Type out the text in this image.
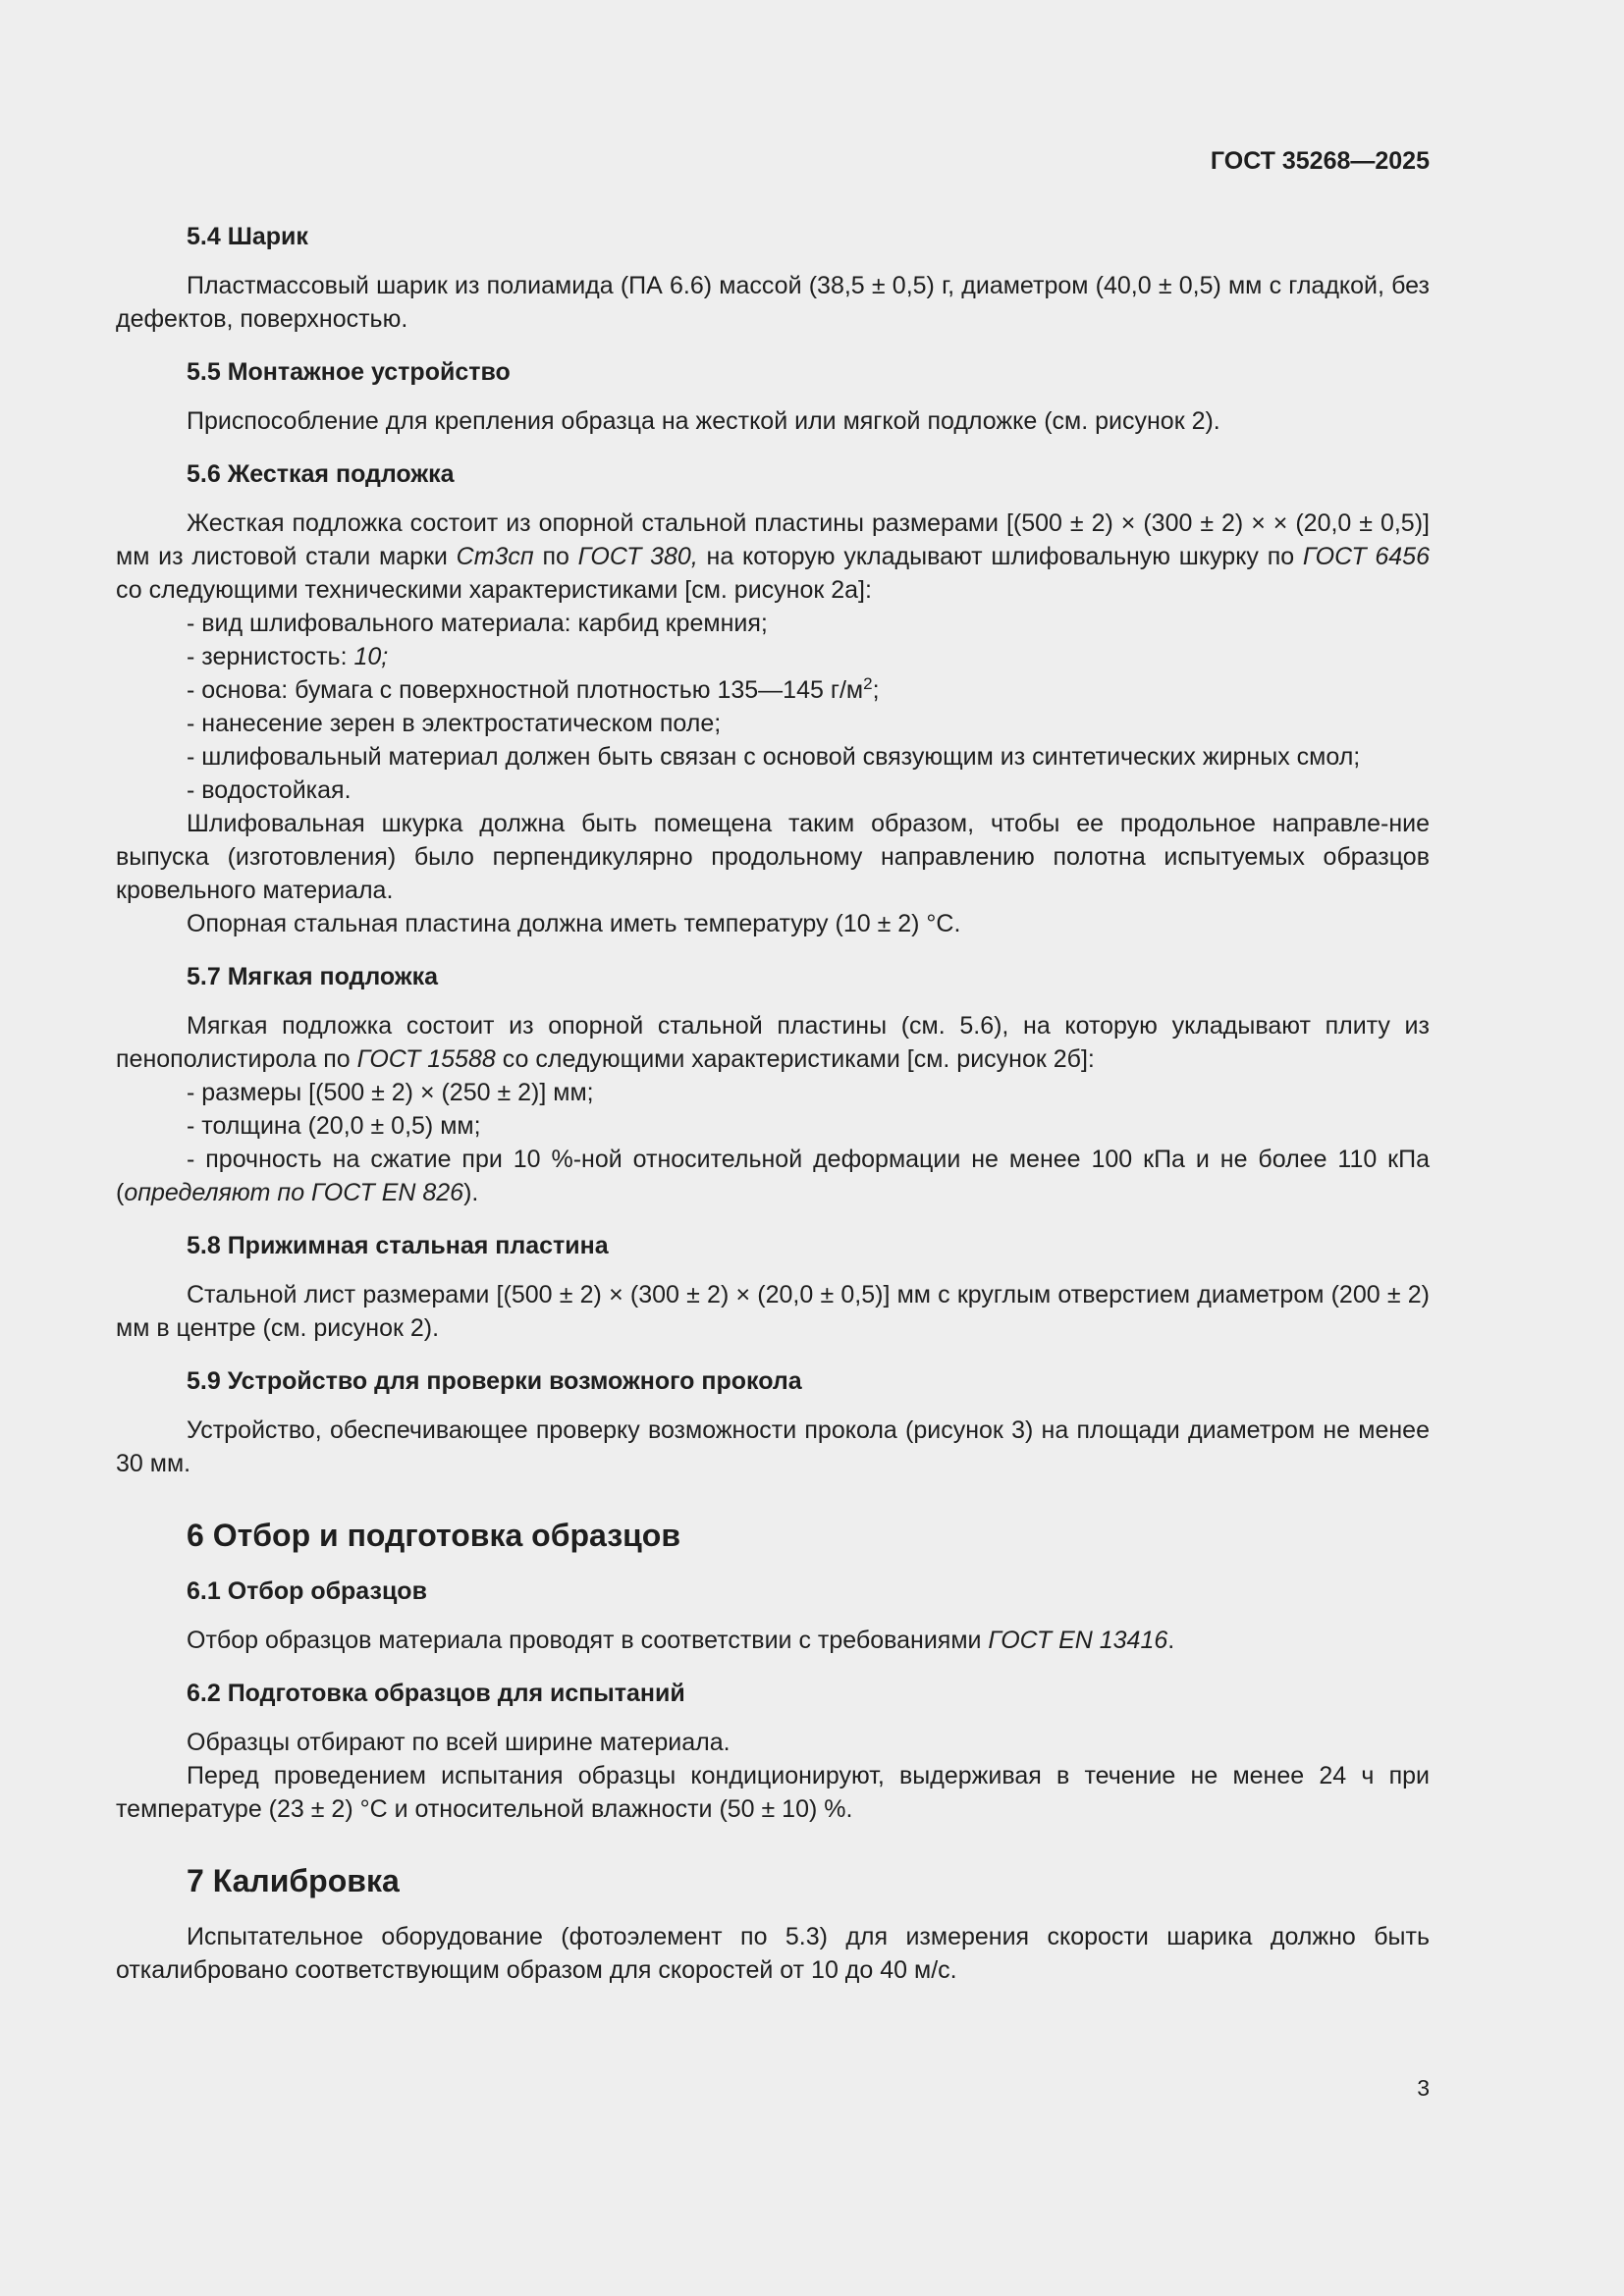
ГОСТ 35268—2025
5.4 Шарик

Пластмассовый шарик из полиамида (ПА 6.6) массой (38,5 ± 0,5) г, диаметром (40,0 ± 0,5) мм с гладкой, без дефектов, поверхностью.

5.5 Монтажное устройство

Приспособление для крепления образца на жесткой или мягкой подложке (см. рисунок 2).

5.6 Жесткая подложка

Жесткая подложка состоит из опорной стальной пластины размерами [(500 ± 2) × (300 ± 2) × × (20,0 ± 0,5)] мм из листовой стали марки Ст3сп по ГОСТ 380, на которую укладывают шлифовальную шкурку по ГОСТ 6456 со следующими техническими характеристиками [см. рисунок 2а]:

- вид шлифовального материала: карбид кремния;

- зернистость: 10;

- основа: бумага с поверхностной плотностью 135—145 $г/м^2$;

- нанесение зерен в электростатическом поле;

- шлифовальный материал должен быть связан с основой связующим из синтетических жирных смол;

- водостойкая.

Шлифовальная шкурка должна быть помещена таким образом, чтобы ее продольное направле-ние выпуска (изготовления) было перпендикулярно продольному направлению полотна испытуемых образцов кровельного материала.

Опорная стальная пластина должна иметь температуру (10 ± 2) °С.

5.7 Мягкая подложка

Мягкая подложка состоит из опорной стальной пластины (см. 5.6), на которую укладывают плиту из пенополистирола по ГОСТ 15588 со следующими характеристиками [см. рисунок 2б]:

- размеры [(500 ± 2) × (250 ± 2)] мм;

- толщина (20,0 ± 0,5) мм;

- прочность на сжатие при 10 %-ной относительной деформации не менее 100 кПа и не более 110 кПа (определяют по ГОСТ EN 826).

5.8 Прижимная стальная пластина

Стальной лист размерами [(500 ± 2) × (300 ± 2) × (20,0 ± 0,5)] мм с круглым отверстием диаметром (200 ± 2) мм в центре (см. рисунок 2).

5.9 Устройство для проверки возможного прокола

Устройство, обеспечивающее проверку возможности прокола (рисунок 3) на площади диаметром не менее 30 мм.

6 Отбор и подготовка образцов
6.1 Отбор образцов

Отбор образцов материала проводят в соответствии с требованиями ГОСТ EN 13416.

6.2 Подготовка образцов для испытаний

Образцы отбирают по всей ширине материала.

Перед проведением испытания образцы кондиционируют, выдерживая в течение не менее 24 ч при температуре (23 ± 2) °С и относительной влажности (50 ± 10) %.

7 Калибровка

Испытательное оборудование (фотоэлемент по 5.3) для измерения скорости шарика должно быть откалибровано соответствующим образом для скоростей от 10 до 40 м/с.

3
